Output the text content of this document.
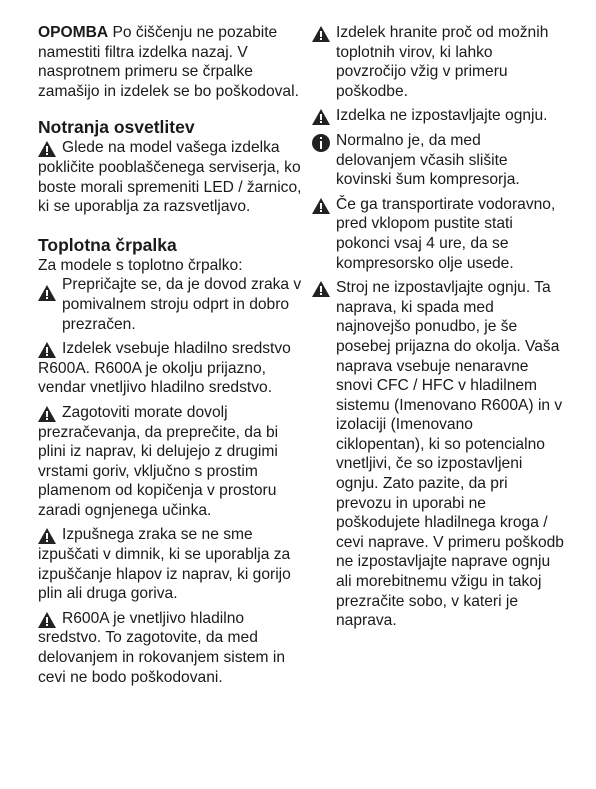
OPOMBA Po čiščenju ne pozabite namestiti filtra izdelka nazaj. V nasprotnem primeru se črpalke zamašijo in izdelek se bo poškodoval.

Notranja osvetlitev
Glede na model vašega izdelka pokličite pooblaščenega serviserja, ko boste morali spremeniti LED / žarnico, ki se uporablja za razsvetljavo.
Toplotna črpalka

Za modele s toplotno črpalko:

Prepričajte se, da je dovod zraka v pomivalnem stroju odprt in dobro prezračen.
Izdelek vsebuje hladilno sredstvo R600A. R600A je okolju prijazno, vendar vnetljivo hladilno sredstvo.
Zagotoviti morate dovolj prezračevanja, da preprečite, da bi plini iz naprav, ki delujejo z drugimi vrstami goriv, vključno s prostim plamenom od kopičenja v prostoru zaradi ognjenega učinka.
Izpušnega zraka se ne sme izpuščati v dimnik, ki se uporablja za izpuščanje hlapov iz naprav, ki gorijo plin ali druga goriva.
R600A je vnetljivo hladilno sredstvo. To zagotovite, da med delovanjem in rokovanjem sistem in cevi ne bodo poškodovani.
Izdelek hranite proč od možnih toplotnih virov, ki lahko povzročijo vžig v primeru poškodbe.
Izdelka ne izpostavljajte ognju.
Normalno je, da med delovanjem včasih slišite kovinski šum kompresorja.
Če ga transportirate vodoravno, pred vklopom pustite stati pokonci vsaj 4 ure, da se kompresorsko olje usede.
Stroj ne izpostavljajte ognju. Ta naprava, ki spada med najnovejšo ponudbo, je še posebej prijazna do okolja. Vaša naprava vsebuje nenaravne snovi CFC / HFC v hladilnem sistemu (Imenovano R600A) in v izolaciji (Imenovano ciklopentan), ki so potencialno vnetljivi, če so izpostavljeni ognju. Zato pazite, da pri prevozu in uporabi ne poškodujete hladilnega kroga / cevi naprave. V primeru poškodb ne izpostavljajte naprave ognju ali morebitnemu vžigu in takoj prezračite sobo, v kateri je naprava.
